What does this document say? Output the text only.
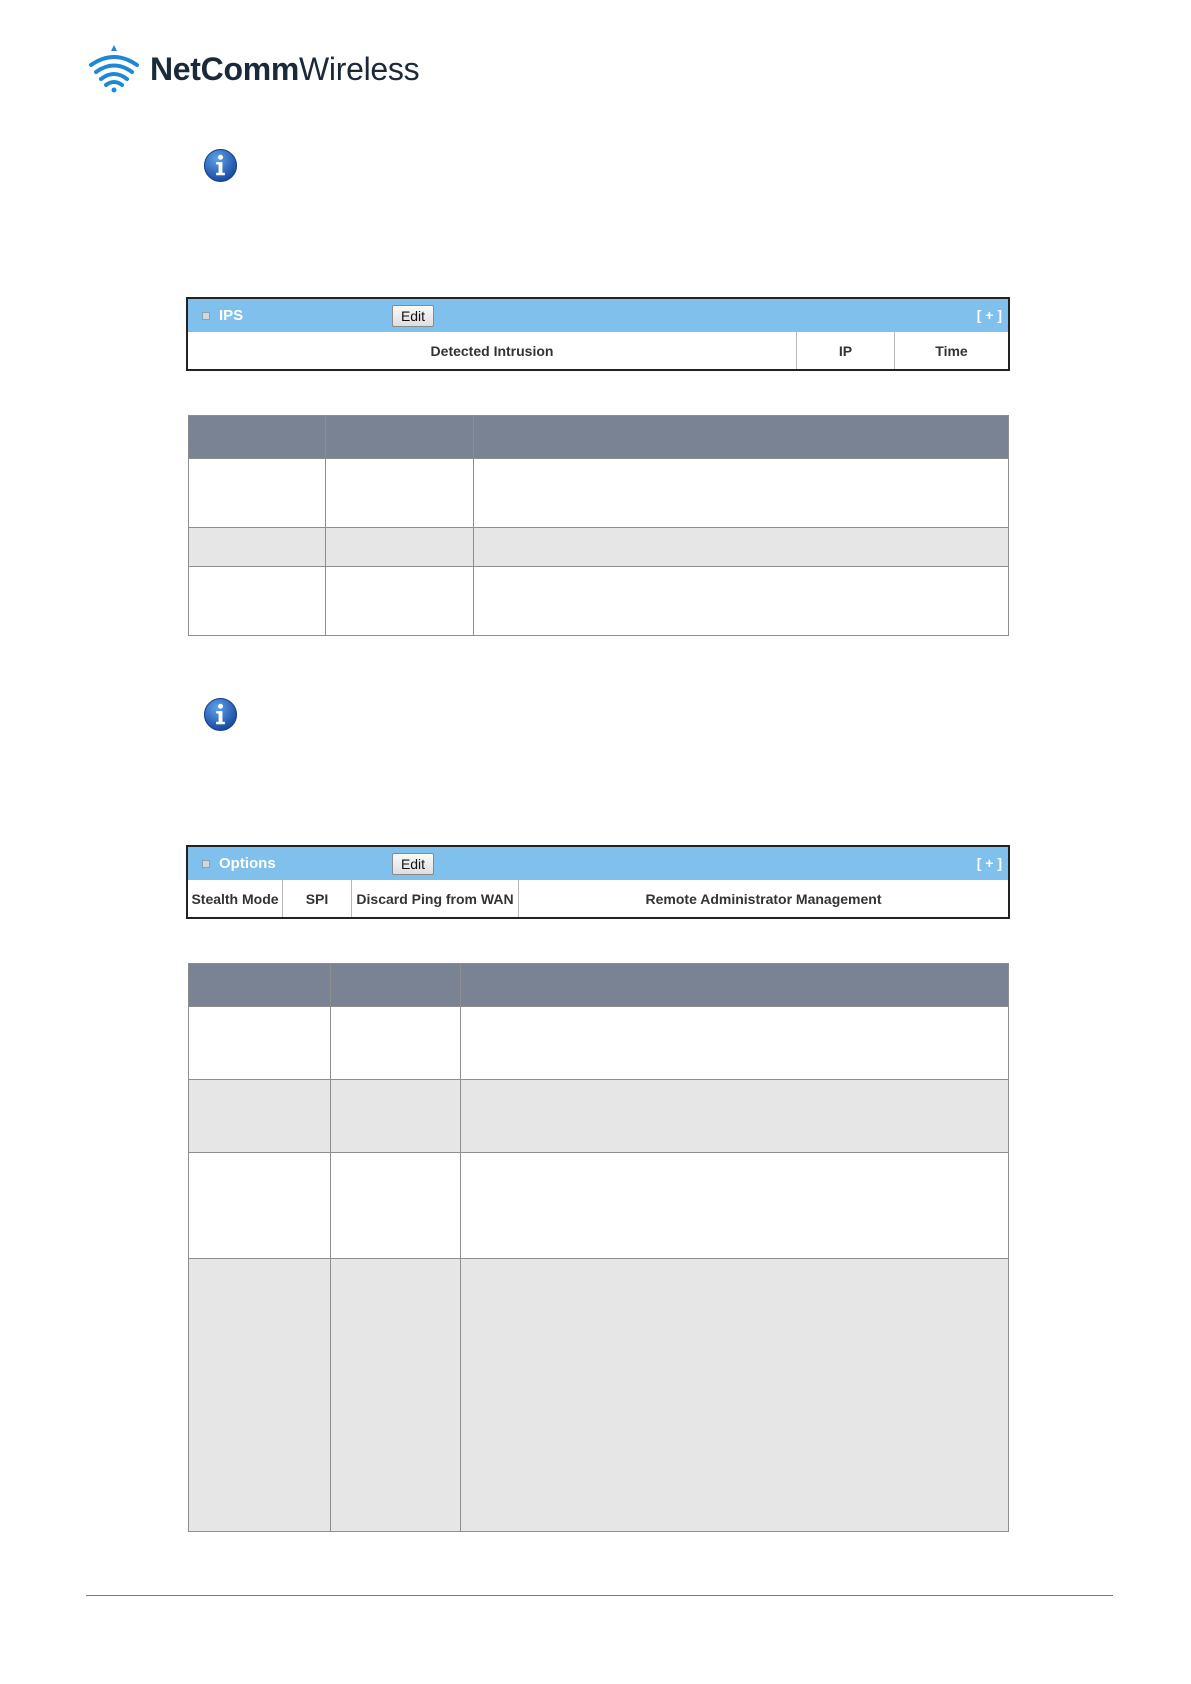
NetCommWireless
IPS	Edit	[ + ]
Detected Intrusion	IP	Time

Options	Edit	[ + ]
Stealth Mode	SPI	Discard Ping from WAN	Remote Administrator Management
